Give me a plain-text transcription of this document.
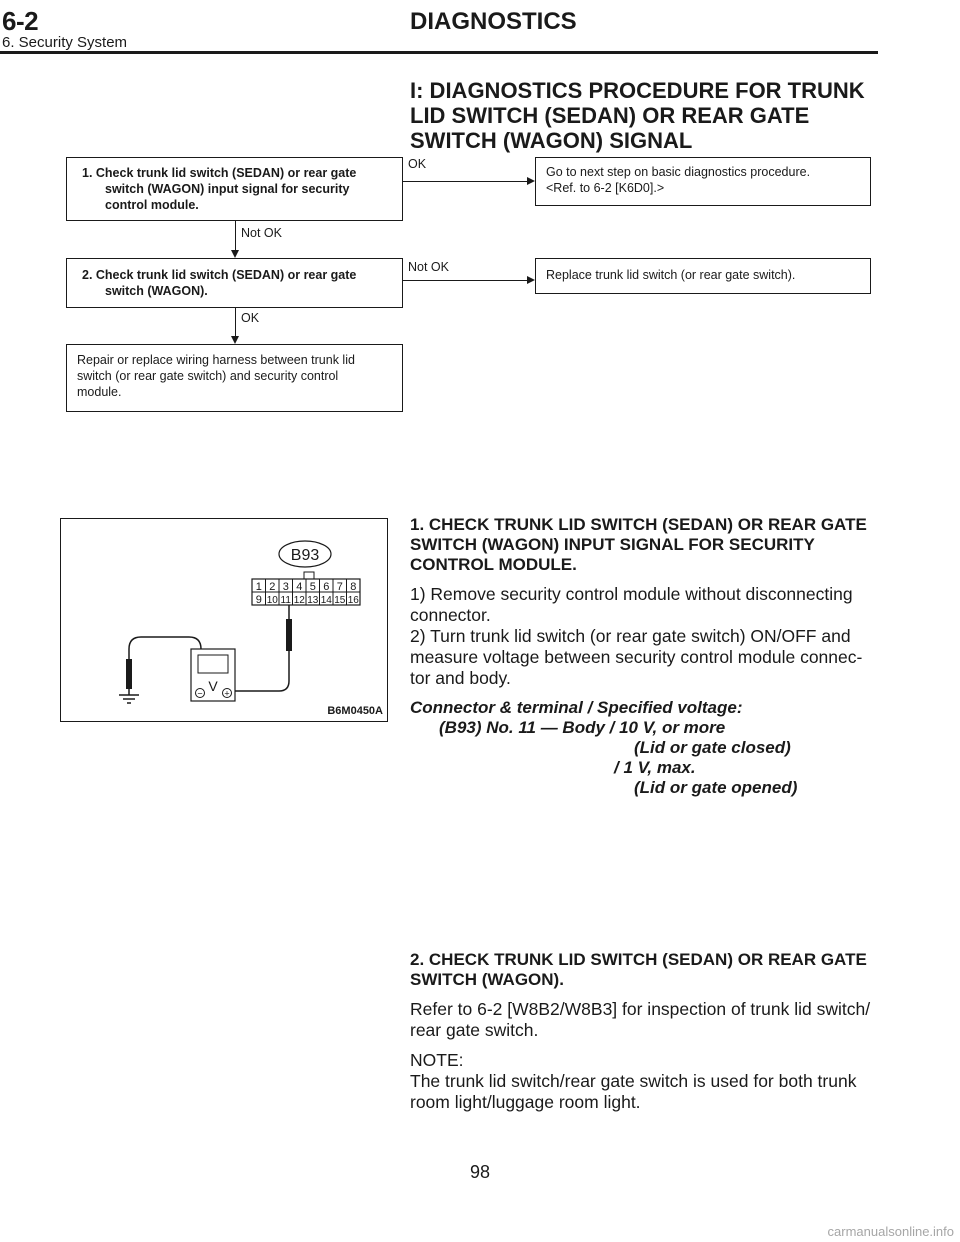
6-2
6. Security System
DIAGNOSTICS
I: DIAGNOSTICS PROCEDURE FOR TRUNK LID SWITCH (SEDAN) OR REAR GATE SWITCH (WAGON) SIGNAL
1. Check trunk lid switch (SEDAN) or rear gate
switch (WAGON) input signal for security
control module.
OK
Go to next step on basic diagnostics procedure.
<Ref. to 6-2 [K6D0].>
Not OK
2. Check trunk lid switch (SEDAN) or rear gate
switch (WAGON).
Not OK
Replace trunk lid switch (or rear gate switch).
OK
Repair or replace wiring harness between trunk lid
switch (or rear gate switch) and security control
module.
B93
1 2 3 4 5 6 7 8
9 10 11 12 13 14 15 16
V
− +
B6M0450A

1. CHECK TRUNK LID SWITCH (SEDAN) OR REAR GATE SWITCH (WAGON) INPUT SIGNAL FOR SECURITY CONTROL MODULE.

1) Remove security control module without disconnecting connector.

2) Turn trunk lid switch (or rear gate switch) ON/OFF and measure voltage between security control module connec-tor and body.

Connector & terminal / Specified voltage:

(B93) No. 11 — Body / 10 V, or more

(Lid or gate closed)

/ 1 V, max.

(Lid or gate opened)

2. CHECK TRUNK LID SWITCH (SEDAN) OR REAR GATE SWITCH (WAGON).

Refer to 6-2 [W8B2/W8B3] for inspection of trunk lid switch/ rear gate switch.

NOTE:

The trunk lid switch/rear gate switch is used for both trunk room light/luggage room light.

98
carmanualsonline.info
